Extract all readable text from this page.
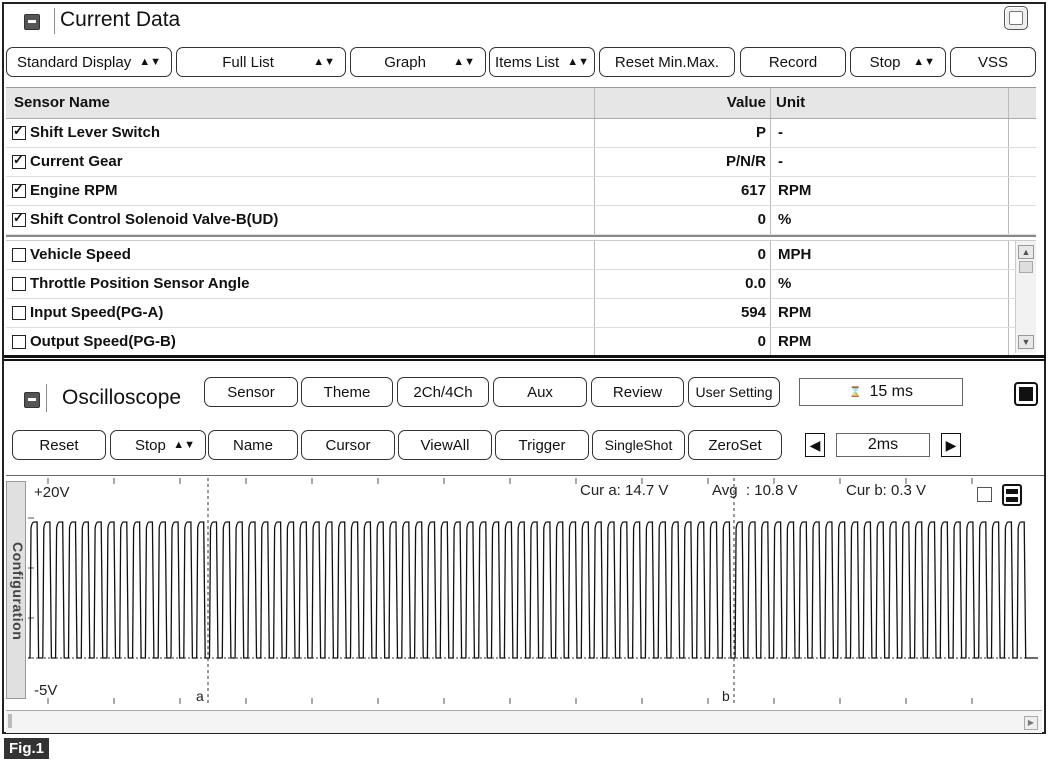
Current Data
Standard Display ▲▼	Full List	▲▼	Graph	▲▼ Items List ▲▼ Reset Min.Max.	Record	Stop	▲▼	VSS
Sensor Name	Value Unit
✓
Shift Lever Switch	P -
✓
Current Gear	P/N/R -
✓
Engine RPM	617 RPM
✓
Shift Control Solenoid Valve-B(UD)	0 %
Vehicle Speed	0 MPH
Throttle Position Sensor Angle	0.0 %
Input Speed(PG-A)	594 RPM
Output Speed(PG-B)	0 RPM
▲
▼
Oscilloscope	Sensor	Theme	2Ch/4Ch	Aux	Review User Setting	⌛ 15 ms
Reset	Stop ▲▼	Name	Cursor	ViewAll	Trigger	SingleShot ZeroSet	◀	2ms	▶
Configuration
+20V
-5V
Cur a: 14.7 V	Avg  : 10.8 V	Cur b: 0.3 V
a	b
▶
Fig.1
